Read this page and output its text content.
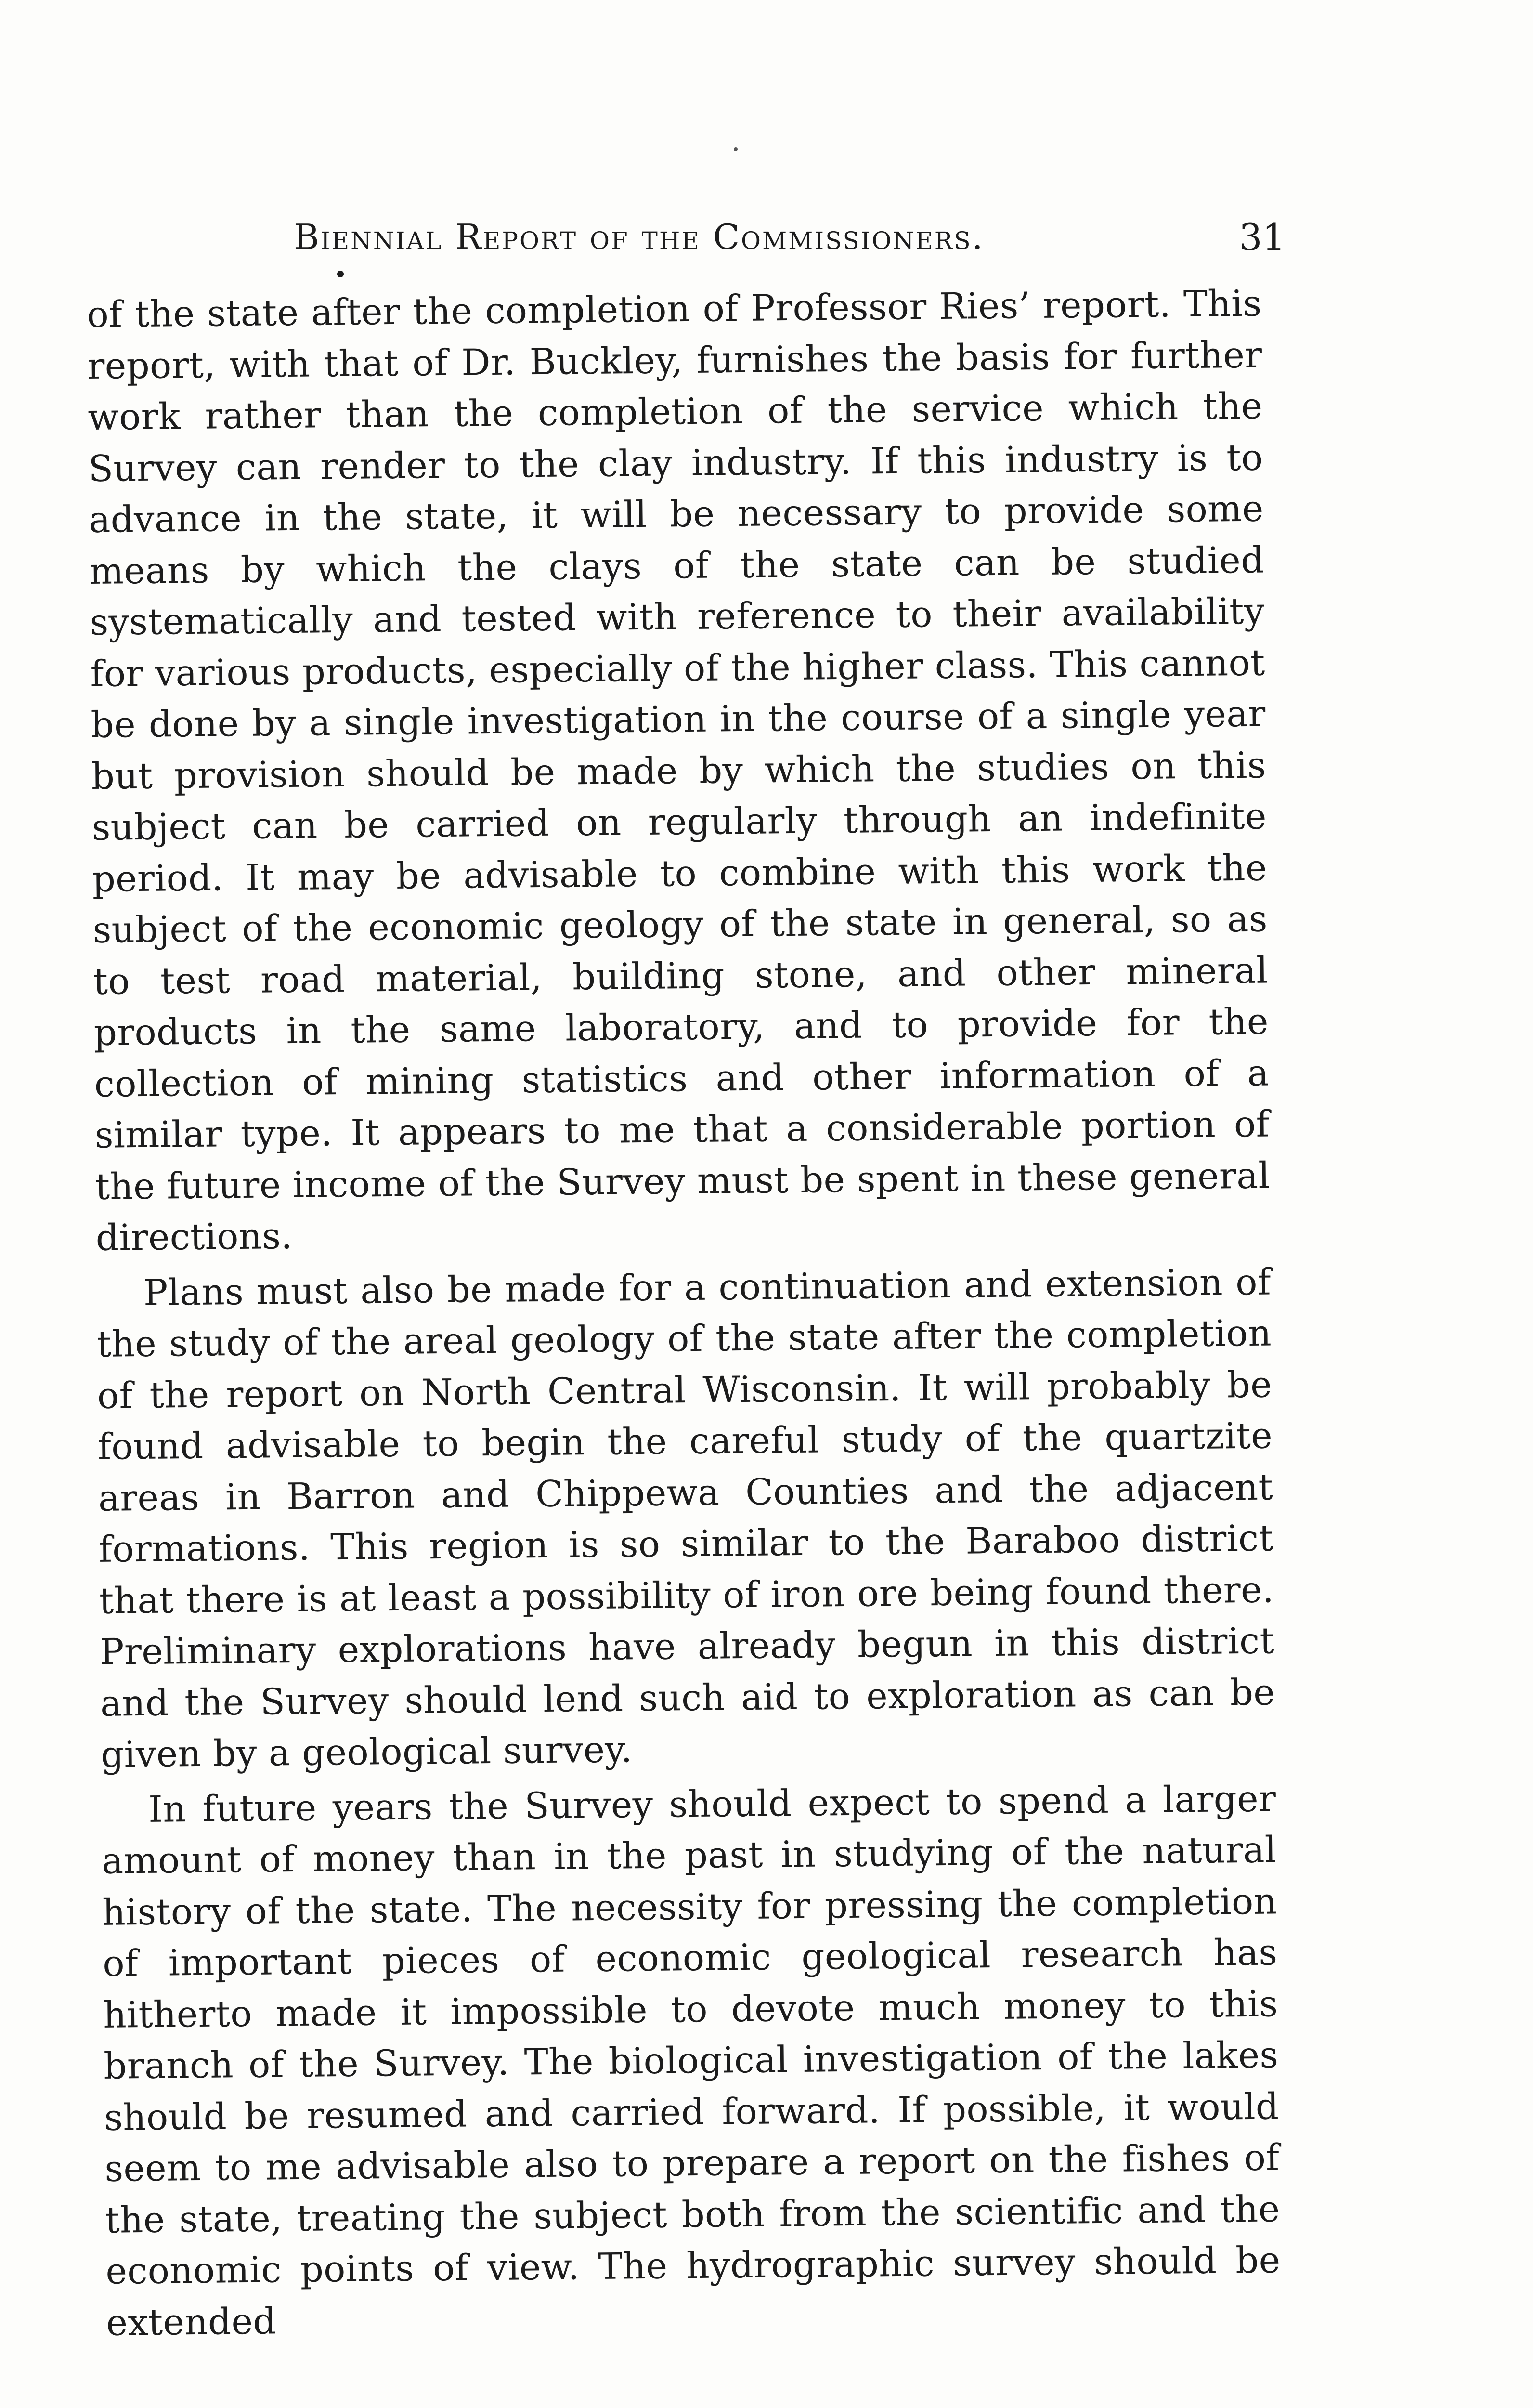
Biennial Report of the Commissioners.	31

of the state after the completion of Professor Ries’ report. This report, with that of Dr. Buckley, furnishes the basis for further work rather than the completion of the service which the Survey can render to the clay industry. If this industry is to advance in the state, it will be necessary to provide some means by which the clays of the state can be studied systematically and tested with reference to their availability for various products, especially of the higher class. This cannot be done by a single investigation in the course of a single year but provision should be made by which the studies on this subject can be carried on regularly through an indefinite period. It may be advisable to combine with this work the subject of the economic geology of the state in general, so as to test road material, building stone, and other mineral products in the same laboratory, and to provide for the collection of mining statistics and other information of a similar type. It appears to me that a considerable portion of the future income of the Survey must be spent in these general directions.

Plans must also be made for a continuation and extension of the study of the areal geology of the state after the completion of the report on North Central Wisconsin. It will probably be found advisable to begin the careful study of the quartzite areas in Barron and Chippewa Counties and the adjacent formations. This region is so similar to the Baraboo district that there is at least a possibility of iron ore being found there. Preliminary explorations have already begun in this district and the Survey should lend such aid to exploration as can be given by a geological survey.

In future years the Survey should expect to spend a larger amount of money than in the past in studying of the natural history of the state. The necessity for pressing the completion of important pieces of economic geological research has hitherto made it impossible to devote much money to this branch of the Survey. The biological investigation of the lakes should be resumed and carried forward. If possible, it would seem to me advisable also to prepare a report on the fishes of the state, treating the subject both from the scientific and the economic points of view. The hydrographic survey should be extended
